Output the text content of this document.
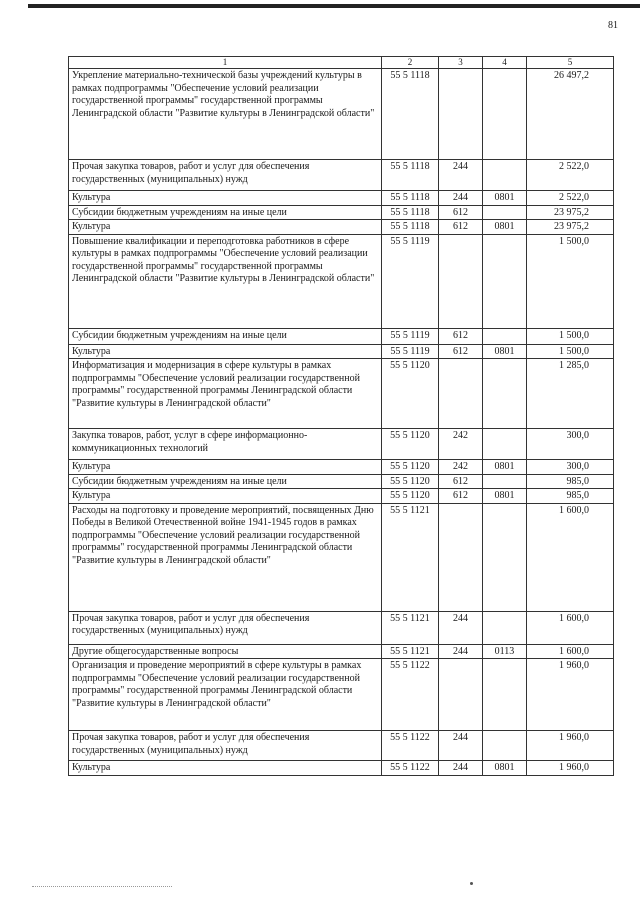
81
1	2	3	4	5
Укрепление материально-технической базы учреждений культуры в рамках подпрограммы "Обеспечение условий реализации государственной программы" государственной программы Ленинградской области "Развитие культуры в Ленинградской области"	55 5 1118			26 497,2
Прочая закупка товаров, работ и услуг для обеспечения государственных (муниципальных) нужд	55 5 1118	244		2 522,0
Культура	55 5 1118	244	0801	2 522,0
Субсидии бюджетным учреждениям на иные цели	55 5 1118	612		23 975,2
Культура	55 5 1118	612	0801	23 975,2
Повышение квалификации и переподготовка работников в сфере культуры в рамках подпрограммы "Обеспечение условий реализации государственной программы" государственной программы Ленинградской области "Развитие культуры в Ленинградской области"	55 5 1119			1 500,0
Субсидии бюджетным учреждениям на иные цели	55 5 1119	612		1 500,0
Культура	55 5 1119	612	0801	1 500,0
Информатизация и модернизация в сфере культуры в рамках подпрограммы "Обеспечение условий реализации государственной программы" государственной программы Ленинградской области "Развитие культуры в Ленинградской области"	55 5 1120			1 285,0
Закупка товаров, работ, услуг в сфере информационно-коммуникационных технологий	55 5 1120	242		300,0
Культура	55 5 1120	242	0801	300,0
Субсидии бюджетным учреждениям на иные цели	55 5 1120	612		985,0
Культура	55 5 1120	612	0801	985,0
Расходы на подготовку и проведение мероприятий, посвященных Дню Победы в Великой Отечественной войне 1941-1945 годов в рамках подпрограммы "Обеспечение условий реализации государственной программы" государственной программы Ленинградской области "Развитие культуры в Ленинградской области"	55 5 1121			1 600,0
Прочая закупка товаров, работ и услуг для обеспечения государственных (муниципальных) нужд	55 5 1121	244		1 600,0
Другие общегосударственные вопросы	55 5 1121	244	0113	1 600,0
Организация и проведение мероприятий в сфере культуры в рамках подпрограммы "Обеспечение условий реализации государственной программы" государственной программы Ленинградской области "Развитие культуры в Ленинградской области"	55 5 1122			1 960,0
Прочая закупка товаров, работ и услуг для обеспечения государственных (муниципальных) нужд	55 5 1122	244		1 960,0
Культура	55 5 1122	244	0801	1 960,0
